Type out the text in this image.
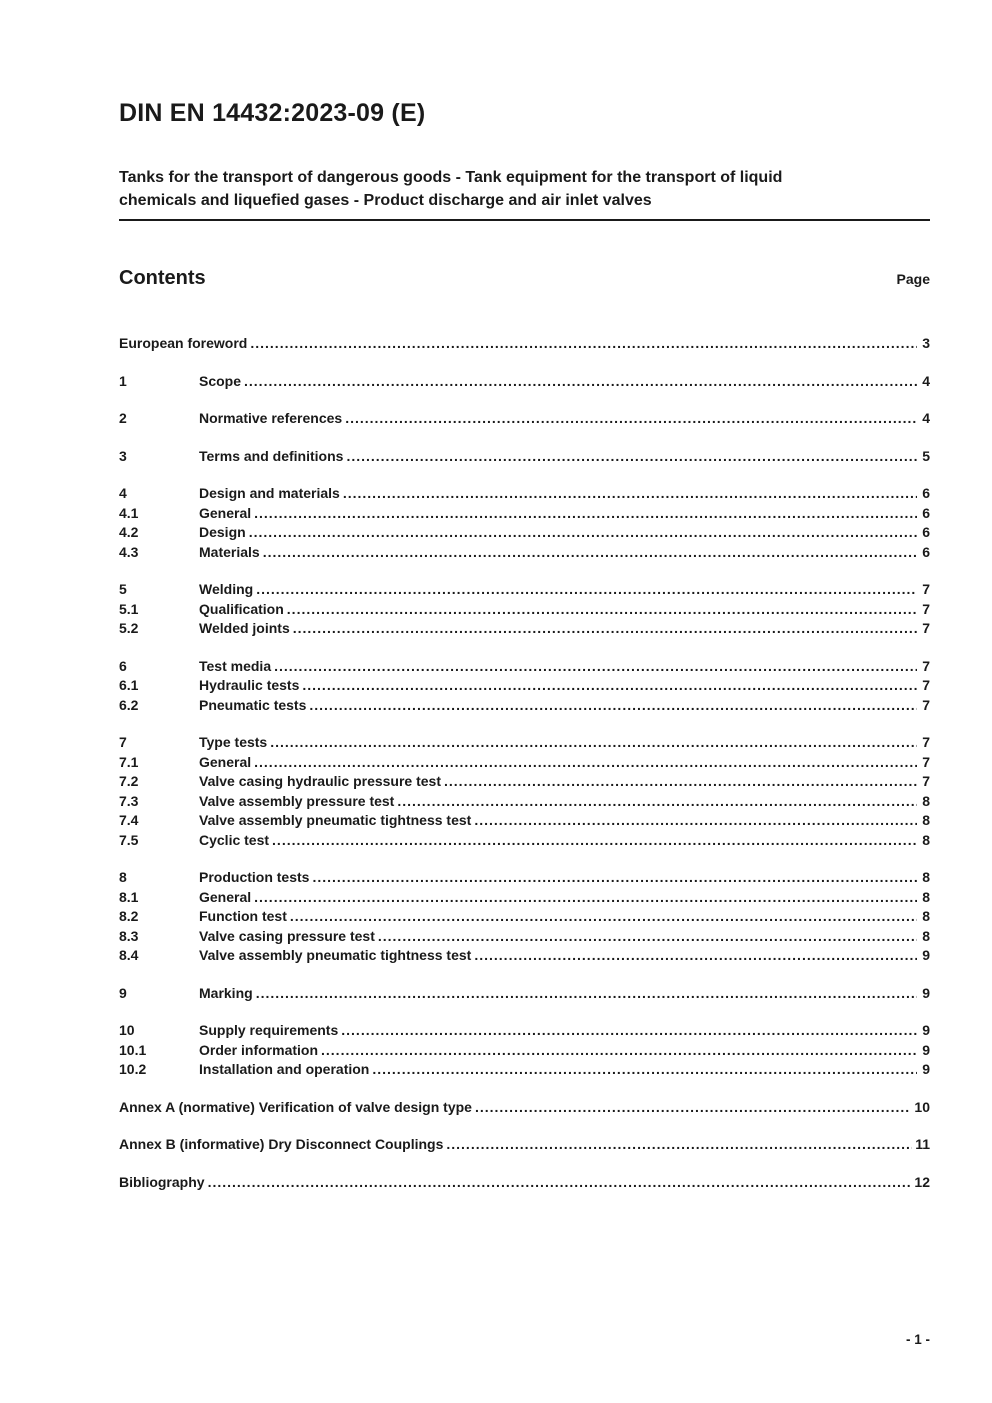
DIN EN 14432:2023-09 (E)
Tanks for the transport of dangerous goods - Tank equipment for the transport of liquid chemicals and liquefied gases - Product discharge and air inlet valves
Contents	Page
European foreword .....	3
1	Scope .....	4
2	Normative references .....	4
3	Terms and definitions .....	5
4	Design and materials .....	6
4.1	General .....	6
4.2	Design .....	6
4.3	Materials .....	6
5	Welding .....	7
5.1	Qualification .....	7
5.2	Welded joints .....	7
6	Test media .....	7
6.1	Hydraulic tests .....	7
6.2	Pneumatic tests .....	7
7	Type tests .....	7
7.1	General .....	7
7.2	Valve casing hydraulic pressure test .....	7
7.3	Valve assembly pressure test .....	8
7.4	Valve assembly pneumatic tightness test .....	8
7.5	Cyclic test .....	8
8	Production tests .....	8
8.1	General .....	8
8.2	Function test .....	8
8.3	Valve casing pressure test .....	8
8.4	Valve assembly pneumatic tightness test .....	9
9	Marking .....	9
10	Supply requirements .....	9
10.1	Order information .....	9
10.2	Installation and operation .....	9
Annex A (normative) Verification of valve design type .....	10
Annex B (informative) Dry Disconnect Couplings .....	11
Bibliography .....	12
- 1 -
